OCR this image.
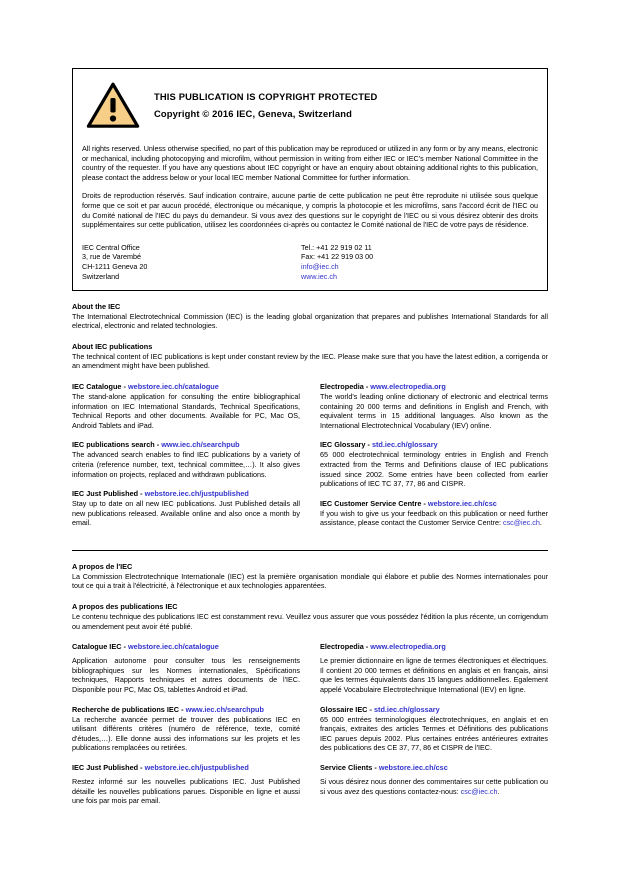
THIS PUBLICATION IS COPYRIGHT PROTECTED
Copyright © 2016 IEC, Geneva, Switzerland
All rights reserved. Unless otherwise specified, no part of this publication may be reproduced or utilized in any form or by any means, electronic or mechanical, including photocopying and microfilm, without permission in writing from either IEC or IEC's member National Committee in the country of the requester. If you have any questions about IEC copyright or have an enquiry about obtaining additional rights to this publication, please contact the address below or your local IEC member National Committee for further information.
Droits de reproduction réservés. Sauf indication contraire, aucune partie de cette publication ne peut être reproduite ni utilisée sous quelque forme que ce soit et par aucun procédé, électronique ou mécanique, y compris la photocopie et les microfilms, sans l'accord écrit de l'IEC ou du Comité national de l'IEC du pays du demandeur. Si vous avez des questions sur le copyright de l'IEC ou si vous désirez obtenir des droits supplémentaires sur cette publication, utilisez les coordonnées ci-après ou contactez le Comité national de l'IEC de votre pays de résidence.
IEC Central Office
3, rue de Varembé
CH-1211 Geneva 20
Switzerland
Tel.: +41 22 919 02 11
Fax: +41 22 919 03 00
info@iec.ch
www.iec.ch
About the IEC
The International Electrotechnical Commission (IEC) is the leading global organization that prepares and publishes International Standards for all electrical, electronic and related technologies.
About IEC publications
The technical content of IEC publications is kept under constant review by the IEC. Please make sure that you have the latest edition, a corrigenda or an amendment might have been published.
IEC Catalogue - webstore.iec.ch/catalogue
The stand-alone application for consulting the entire bibliographical information on IEC International Standards, Technical Specifications, Technical Reports and other documents. Available for PC, Mac OS, Android Tablets and iPad.
IEC publications search - www.iec.ch/searchpub
The advanced search enables to find IEC publications by a variety of criteria (reference number, text, technical committee,…). It also gives information on projects, replaced and withdrawn publications.
IEC Just Published - webstore.iec.ch/justpublished
Stay up to date on all new IEC publications. Just Published details all new publications released. Available online and also once a month by email.
Electropedia - www.electropedia.org
The world's leading online dictionary of electronic and electrical terms containing 20 000 terms and definitions in English and French, with equivalent terms in 15 additional languages. Also known as the International Electrotechnical Vocabulary (IEV) online.
IEC Glossary - std.iec.ch/glossary
65 000 electrotechnical terminology entries in English and French extracted from the Terms and Definitions clause of IEC publications issued since 2002. Some entries have been collected from earlier publications of IEC TC 37, 77, 86 and CISPR.
IEC Customer Service Centre - webstore.iec.ch/csc
If you wish to give us your feedback on this publication or need further assistance, please contact the Customer Service Centre: csc@iec.ch.
A propos de l'IEC
La Commission Electrotechnique Internationale (IEC) est la première organisation mondiale qui élabore et publie des Normes internationales pour tout ce qui a trait à l'électricité, à l'électronique et aux technologies apparentées.
A propos des publications IEC
Le contenu technique des publications IEC est constamment revu. Veuillez vous assurer que vous possédez l'édition la plus récente, un corrigendum ou amendement peut avoir été publié.
Catalogue IEC - webstore.iec.ch/catalogue
Application autonome pour consulter tous les renseignements bibliographiques sur les Normes internationales, Spécifications techniques, Rapports techniques et autres documents de l'IEC. Disponible pour PC, Mac OS, tablettes Android et iPad.
Recherche de publications IEC - www.iec.ch/searchpub
La recherche avancée permet de trouver des publications IEC en utilisant différents critères (numéro de référence, texte, comité d'études,…). Elle donne aussi des informations sur les projets et les publications remplacées ou retirées.
IEC Just Published - webstore.iec.ch/justpublished
Restez informé sur les nouvelles publications IEC. Just Published détaille les nouvelles publications parues. Disponible en ligne et aussi une fois par mois par email.
Electropedia - www.electropedia.org
Le premier dictionnaire en ligne de termes électroniques et électriques. Il contient 20 000 termes et définitions en anglais et en français, ainsi que les termes équivalents dans 15 langues additionnelles. Egalement appelé Vocabulaire Electrotechnique International (IEV) en ligne.
Glossaire IEC - std.iec.ch/glossary
65 000 entrées terminologiques électrotechniques, en anglais et en français, extraites des articles Termes et Définitions des publications IEC parues depuis 2002. Plus certaines entrées antérieures extraites des publications des CE 37, 77, 86 et CISPR de l'IEC.
Service Clients - webstore.iec.ch/csc
Si vous désirez nous donner des commentaires sur cette publication ou si vous avez des questions contactez-nous: csc@iec.ch.
